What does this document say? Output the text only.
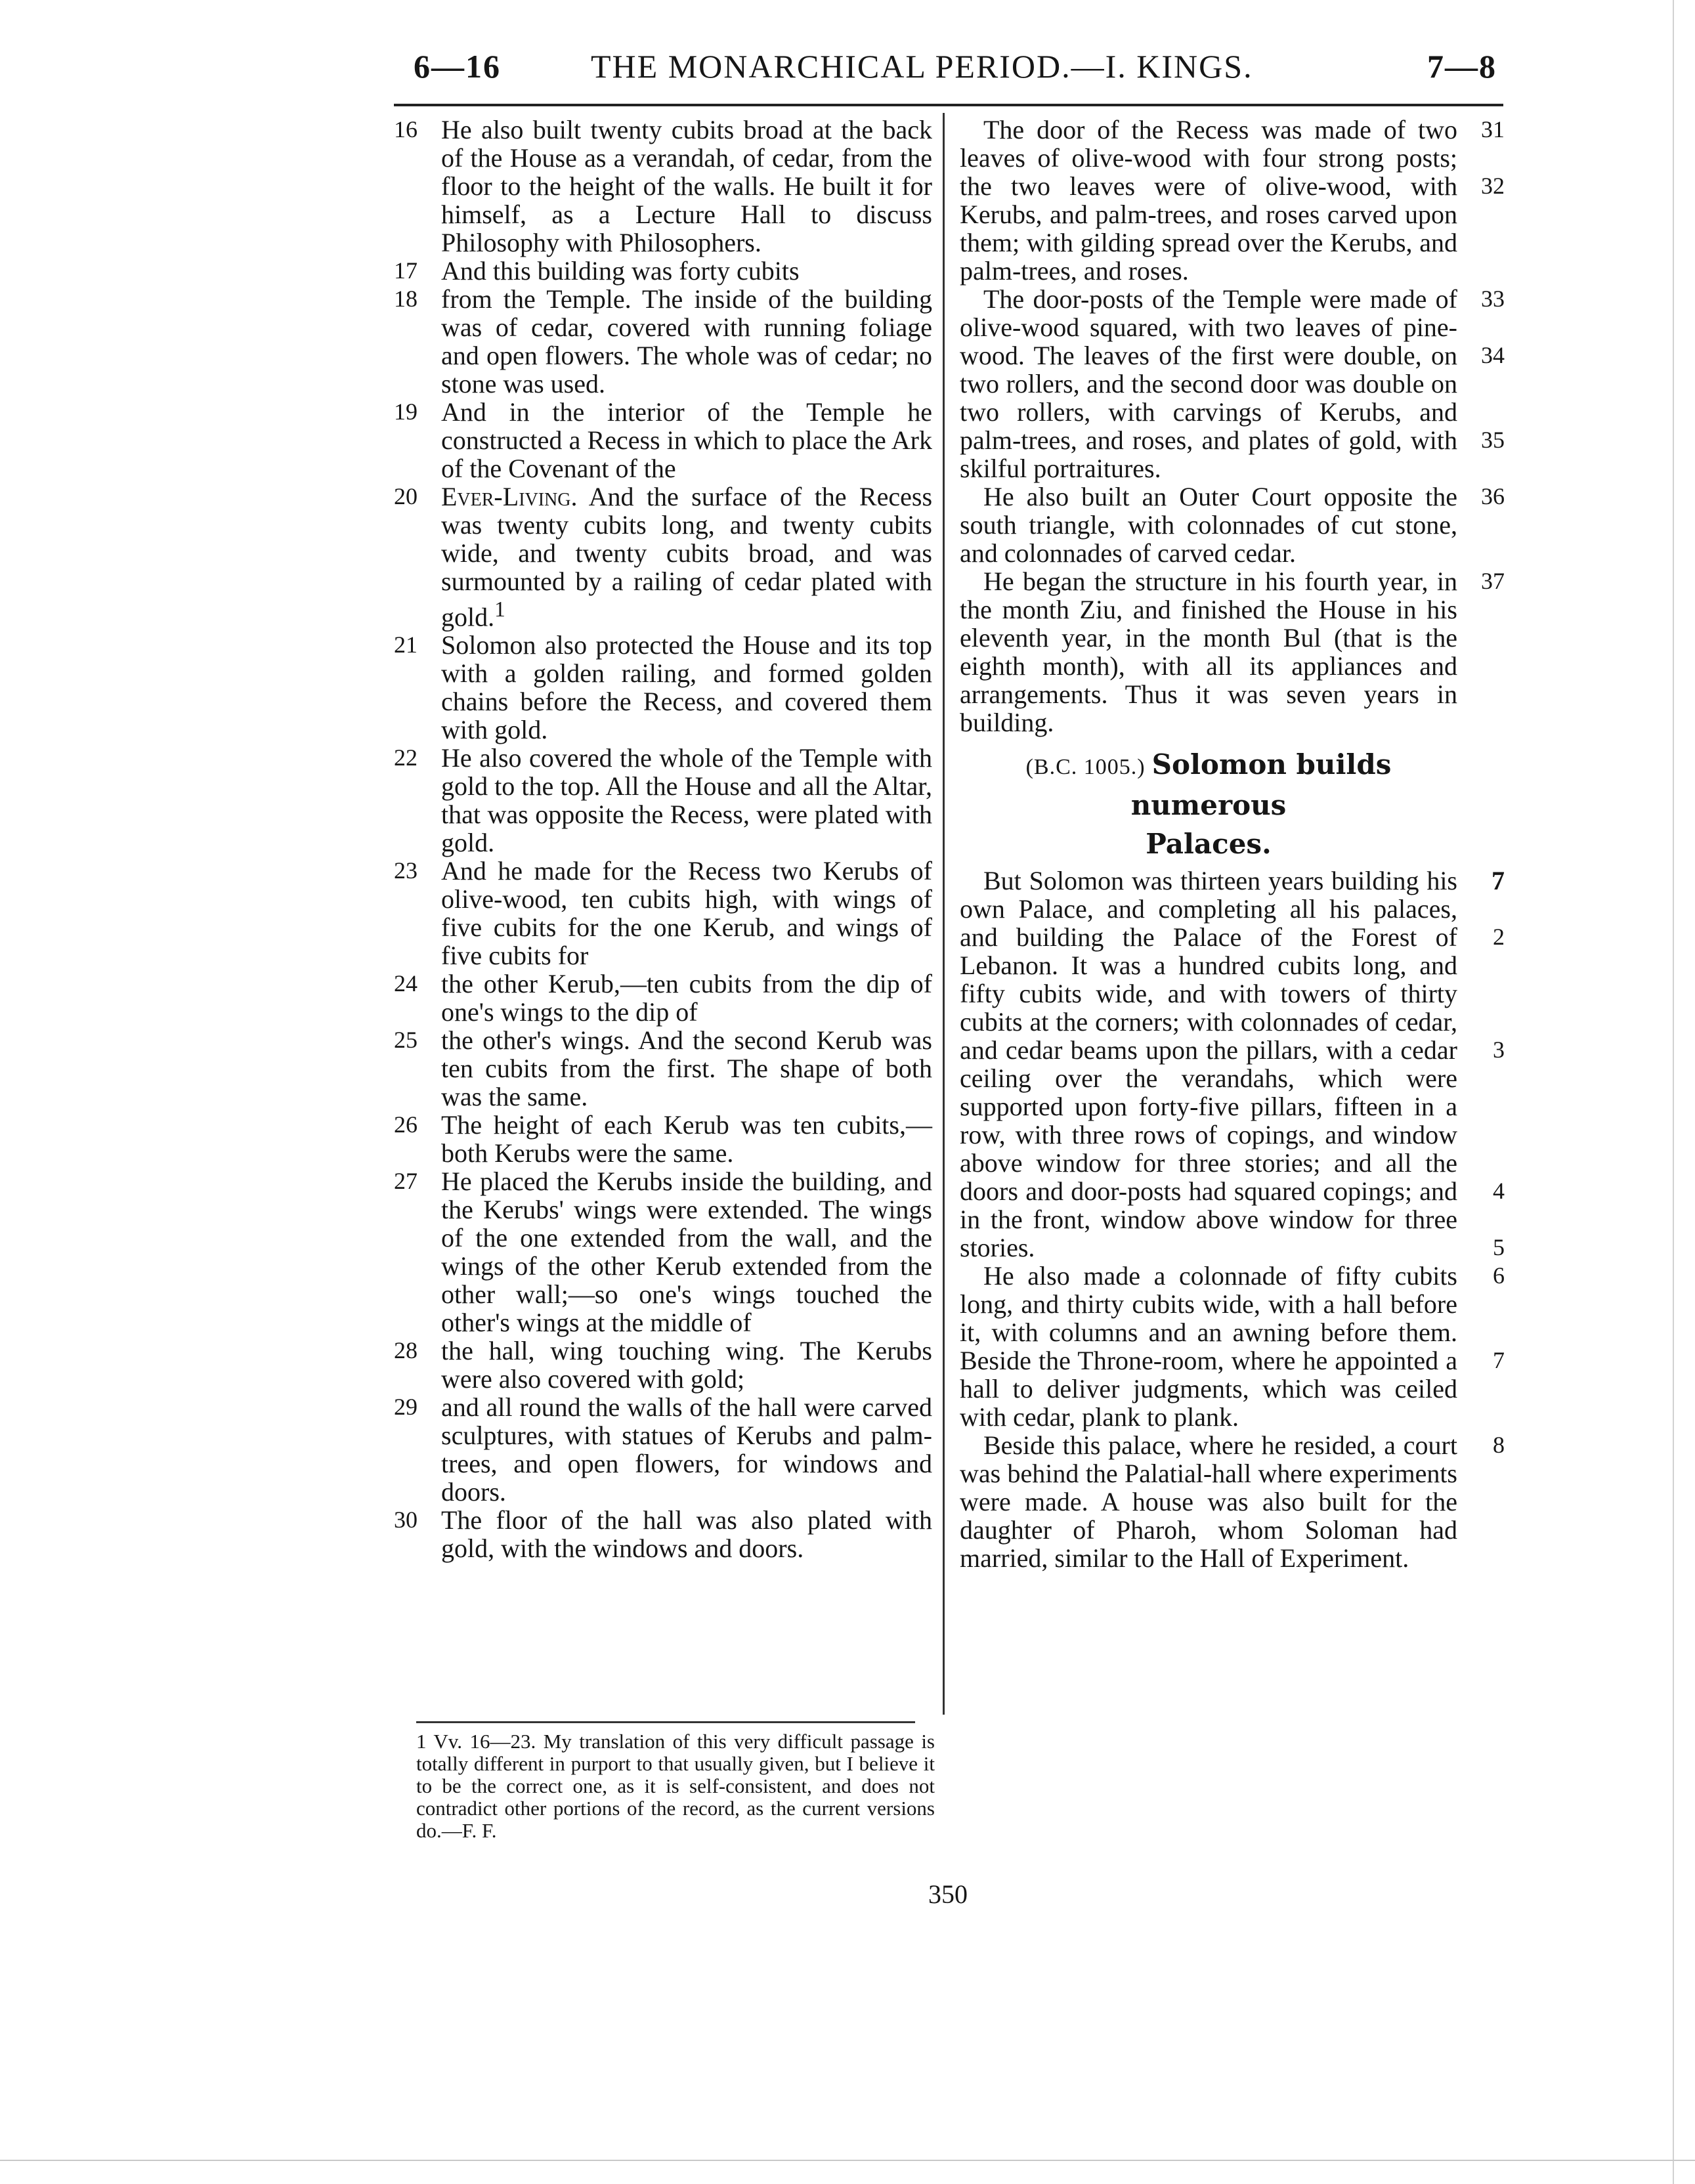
6—16	THE MONARCHICAL PERIOD.—I. KINGS.	7—8
16 He also built twenty cubits broad at the back of the House as a verandah, of cedar, from the floor to the height of the walls. He built it for himself, as a Lecture Hall to discuss Philosophy with Philosophers.
17 And this building was forty cubits
18 from the Temple. The inside of the building was of cedar, covered with running foliage and open flowers. The whole was of cedar; no stone was used.
19 And in the interior of the Temple he constructed a Recess in which to place the Ark of the Covenant of the
20 Ever-Living. And the surface of the Recess was twenty cubits long, and twenty cubits wide, and twenty cubits broad, and was surmounted by a railing of cedar plated with gold.$^1$
21 Solomon also protected the House and its top with a golden railing, and formed golden chains before the Recess, and covered them with gold.
22 He also covered the whole of the Temple with gold to the top. All the House and all the Altar, that was opposite the Recess, were plated with gold.
23 And he made for the Recess two Kerubs of olive-wood, ten cubits high, with wings of five cubits for the one Kerub, and wings of five cubits for
24 the other Kerub,—ten cubits from the dip of one's wings to the dip of
25 the other's wings. And the second Kerub was ten cubits from the first. The shape of both was the same.
26 The height of each Kerub was ten cubits,—both Kerubs were the same.
27 He placed the Kerubs inside the building, and the Kerubs' wings were extended. The wings of the one extended from the wall, and the wings of the other Kerub extended from the other wall;—so one's wings touched the other's wings at the middle of
28 the hall, wing touching wing. The Kerubs were also covered with gold;
29 and all round the walls of the hall were carved sculptures, with statues of Kerubs and palm-trees, and open flowers, for windows and doors.
30 The floor of the hall was also plated with gold, with the windows and doors.
31
32
The door of the Recess was made of two leaves of olive-wood with four strong posts; the two leaves were of olive-wood, with Kerubs, and palm-trees, and roses carved upon them; with gilding spread over the Kerubs, and palm-trees, and roses.
33
34
35
The door-posts of the Temple were made of olive-wood squared, with two leaves of pine-wood. The leaves of the first were double, on two rollers, and the second door was double on two rollers, with carvings of Kerubs, and palm-trees, and roses, and plates of gold, with skilful portraitures.
36
He also built an Outer Court opposite the south triangle, with colonnades of cut stone, and colonnades of carved cedar.
37
He began the structure in his fourth year, in the month Ziu, and finished the House in his eleventh year, in the month Bul (that is the eighth month), with all its appliances and arrangements. Thus it was seven years in building.
(B.C. 1005.) Solomon builds numerous
Palaces.
7
2
3
4
5
But Solomon was thirteen years building his own Palace, and completing all his palaces, and building the Palace of the Forest of Lebanon. It was a hundred cubits long, and fifty cubits wide, and with towers of thirty cubits at the corners; with colonnades of cedar, and cedar beams upon the pillars, with a cedar ceiling over the verandahs, which were supported upon forty-five pillars, fifteen in a row, with three rows of copings, and window above window for three stories; and all the doors and door-posts had squared copings; and in the front, window above window for three stories.
6
7
He also made a colonnade of fifty cubits long, and thirty cubits wide, with a hall before it, with columns and an awning before them. Beside the Throne-room, where he appointed a hall to deliver judgments, which was ceiled with cedar, plank to plank.
8
Beside this palace, where he resided, a court was behind the Palatial-hall where experiments were made. A house was also built for the daughter of Pharoh, whom Soloman had married, similar to the Hall of Experiment.
1 Vv. 16—23. My translation of this very difficult passage is totally different in purport to that usually given, but I believe it to be the correct one, as it is self-consistent, and does not contradict other portions of the record, as the current versions do.—F. F.
350
